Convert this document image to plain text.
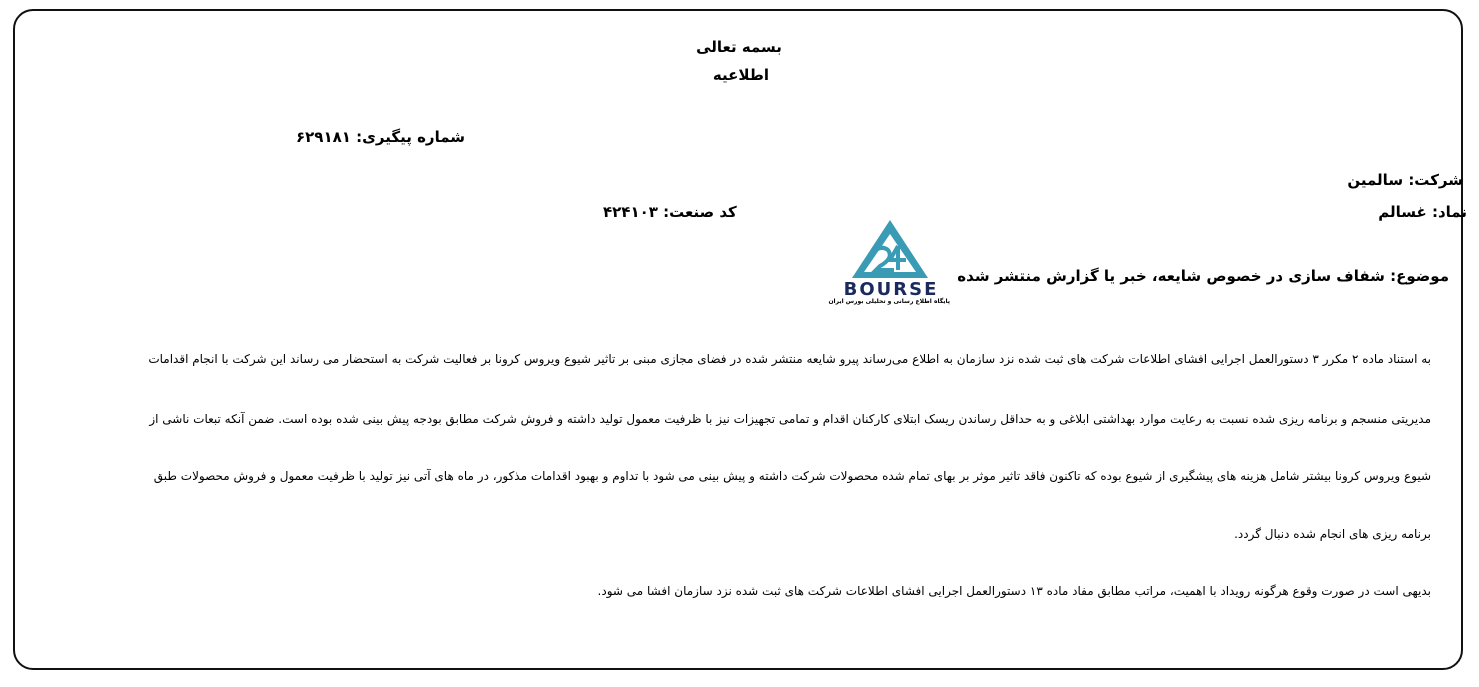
بسمه تعالی
اطلاعیه
شماره پیگیری: ۶۲۹۱۸۱
شرکت: سالمین
نماد: غسالم
کد صنعت: ۴۲۴۱۰۳
موضوع: شفاف سازی در خصوص شایعه، خبر یا گزارش منتشر شده
BOURSE
پایگاه اطلاع رسانی و تحلیلی بورس ایران
به استناد ماده ۲ مکرر ۳ دستورالعمل اجرایی افشای اطلاعات شرکت های ثبت شده نزد سازمان به اطلاع می‌رساند پیرو شایعه منتشر شده در فضای مجازی مبنی بر تاثیر شیوع ویروس کرونا بر فعالیت شرکت به استحضار می رساند این شرکت با انجام اقدامات
مدیریتی منسجم و برنامه ریزی شده نسبت به رعایت موارد بهداشتی ابلاغی و به حداقل رساندن ریسک ابتلای کارکنان اقدام و تمامی تجهیزات نیز با ظرفیت معمول تولید داشته و فروش شرکت مطابق بودجه پیش بینی شده بوده است. ضمن آنکه تبعات ناشی از
شیوع ویروس کرونا بیشتر شامل هزینه های پیشگیری از شیوع بوده که تاکنون فاقد تاثیر موثر بر بهای تمام شده محصولات شرکت داشته و پیش بینی می شود با تداوم و بهبود اقدامات مذکور، در ماه های آتی نیز تولید با ظرفیت معمول و فروش محصولات طبق
برنامه ریزی های انجام شده دنبال گردد.
بدیهی است در صورت وقوع هرگونه رویداد با اهمیت، مراتب مطابق مفاد ماده ۱۳ دستورالعمل اجرایی افشای اطلاعات شرکت های ثبت شده نزد سازمان افشا می شود.
